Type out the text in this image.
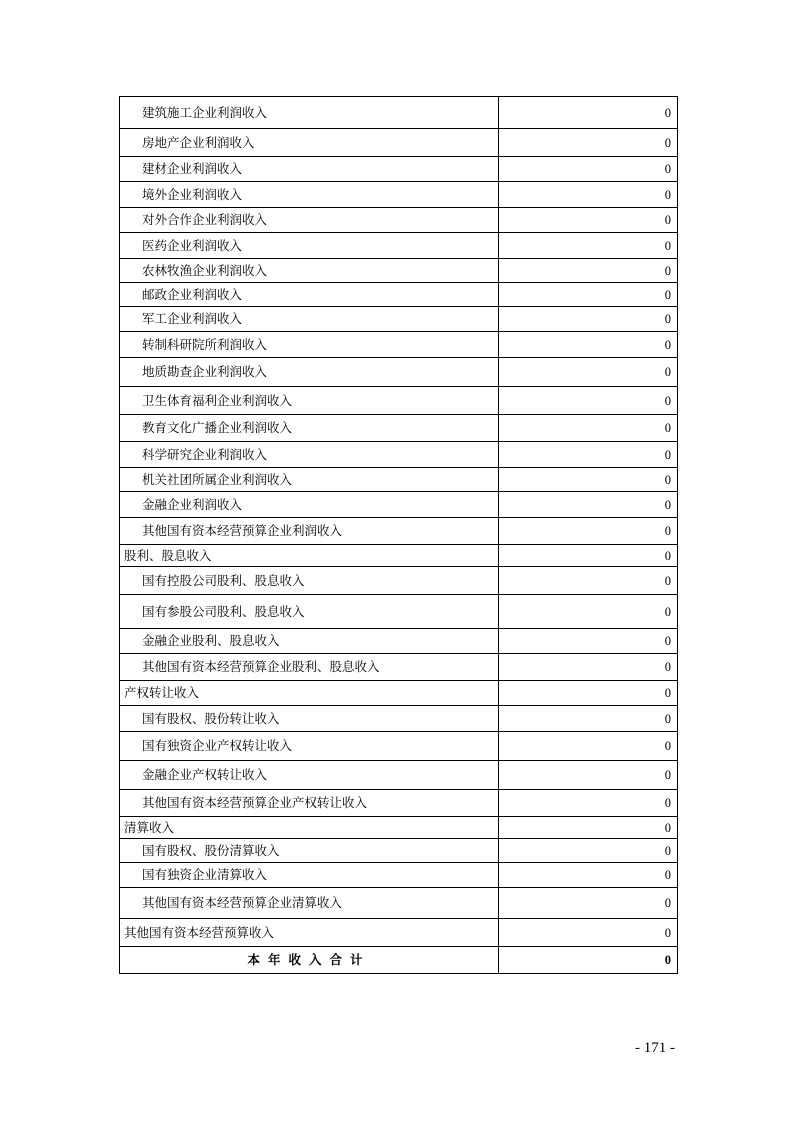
建筑施工企业利润收入	0
房地产企业利润收入	0
建材企业利润收入	0
境外企业利润收入	0
对外合作企业利润收入	0
医药企业利润收入	0
农林牧渔企业利润收入	0
邮政企业利润收入	0
军工企业利润收入	0
转制科研院所利润收入	0
地质勘查企业利润收入	0
卫生体育福利企业利润收入	0
教育文化广播企业利润收入	0
科学研究企业利润收入	0
机关社团所属企业利润收入	0
金融企业利润收入	0
其他国有资本经营预算企业利润收入	0
股利、股息收入	0
国有控股公司股利、股息收入	0
国有参股公司股利、股息收入	0
金融企业股利、股息收入	0
其他国有资本经营预算企业股利、股息收入	0
产权转让收入	0
国有股权、股份转让收入	0
国有独资企业产权转让收入	0
金融企业产权转让收入	0
其他国有资本经营预算企业产权转让收入	0
清算收入	0
国有股权、股份清算收入	0
国有独资企业清算收入	0
其他国有资本经营预算企业清算收入	0
其他国有资本经营预算收入	0
本年收入合计	0
- 171 -
